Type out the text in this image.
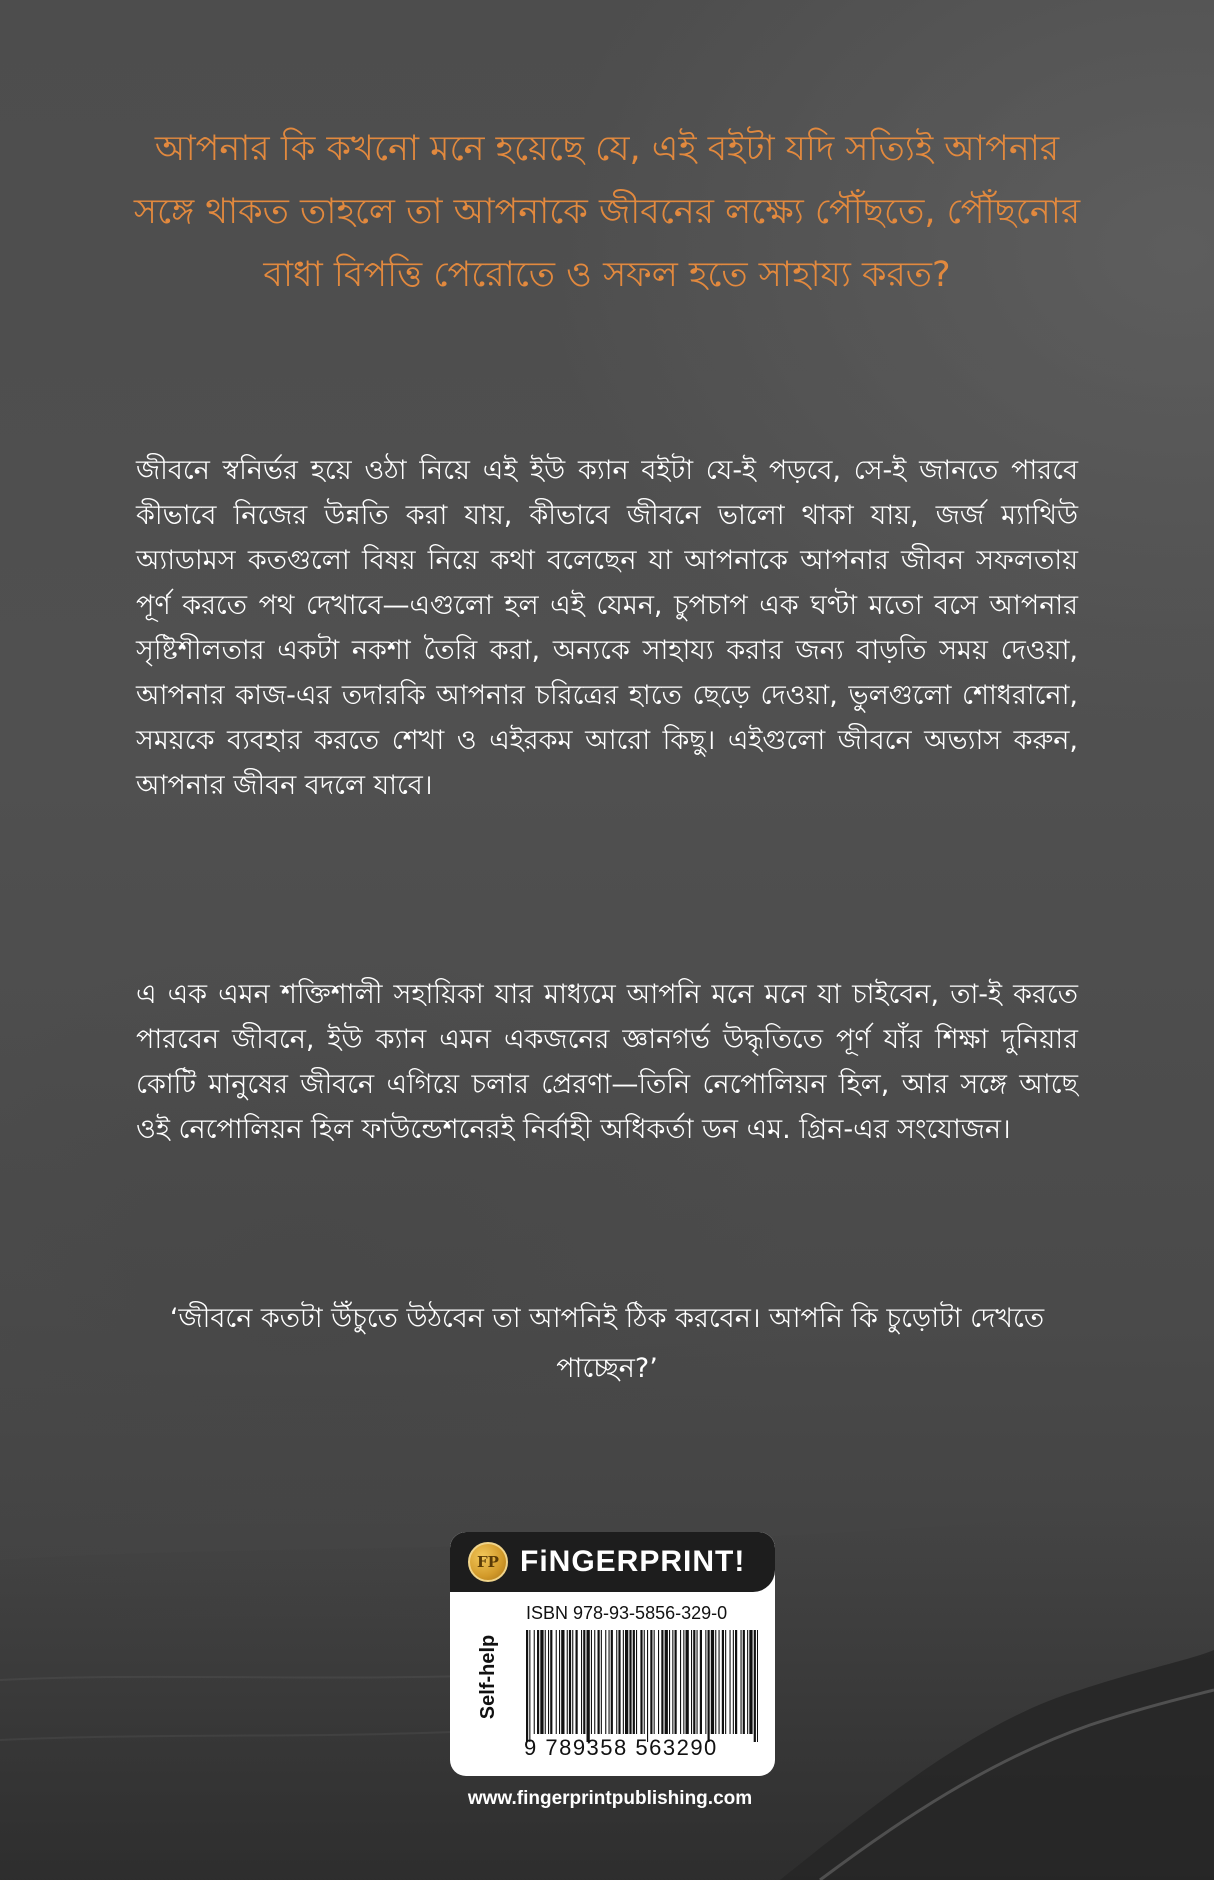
আপনার কি কখনো মনে হয়েছে যে, এই বইটা যদি সত্যিই আপনার সঙ্গে থাকত তাহলে তা আপনাকে জীবনের লক্ষ্যে পৌঁছতে, পৌঁছনোর বাধা বিপত্তি পেরোতে ও সফল হতে সাহায্য করত?

জীবনে স্বনির্ভর হয়ে ওঠা নিয়ে এই ইউ ক্যান বইটা যে-ই পড়বে, সে-ই জানতে পারবে কীভাবে নিজের উন্নতি করা যায়, কীভাবে জীবনে ভালো থাকা যায়, জর্জ ম্যাথিউ অ্যাডামস কতগুলো বিষয় নিয়ে কথা বলেছেন যা আপনাকে আপনার জীবন সফলতায় পূর্ণ করতে পথ দেখাবে—এগুলো হল এই যেমন, চুপচাপ এক ঘণ্টা মতো বসে আপনার সৃষ্টিশীলতার একটা নকশা তৈরি করা, অন্যকে সাহায্য করার জন্য বাড়তি সময় দেওয়া, আপনার কাজ-এর তদারকি আপনার চরিত্রের হাতে ছেড়ে দেওয়া, ভুলগুলো শোধরানো, সময়কে ব্যবহার করতে শেখা ও এইরকম আরো কিছু। এইগুলো জীবনে অভ্যাস করুন, আপনার জীবন বদলে যাবে।

এ এক এমন শক্তিশালী সহায়িকা যার মাধ্যমে আপনি মনে মনে যা চাইবেন, তা-ই করতে পারবেন জীবনে, ইউ ক্যান এমন একজনের জ্ঞানগর্ভ উদ্ধৃতিতে পূর্ণ যাঁর শিক্ষা দুনিয়ার কোটি মানুষের জীবনে এগিয়ে চলার প্রেরণা—তিনি নেপোলিয়ন হিল, আর সঙ্গে আছে ওই নেপোলিয়ন হিল ফাউন্ডেশনেরই নির্বাহী অধিকর্তা ডন এম. গ্রিন-এর সংযোজন।

‘জীবনে কতটা উঁচুতে উঠবেন তা আপনিই ঠিক করবেন। আপনি কি চুড়োটা দেখতে পাচ্ছেন?’

FP FiNGERPRINT!
Self-help
ISBN 978-93-5856-329-0
9 789358 563290

www.fingerprintpublishing.com
